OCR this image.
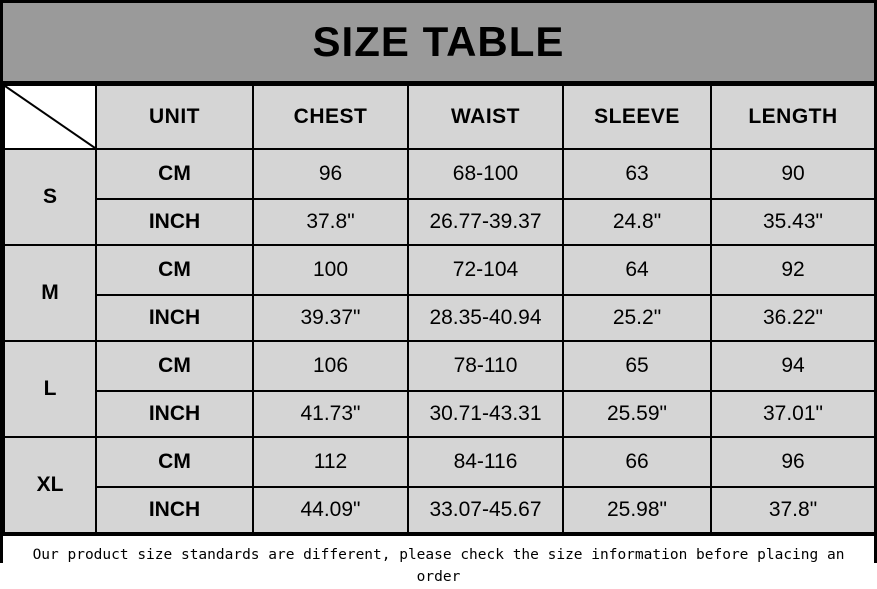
SIZE TABLE
	UNIT	CHEST	WAIST	SLEEVE	LENGTH
S	CM	96	68-100	63	90
	INCH	37.8"	26.77-39.37	24.8"	35.43"
M	CM	100	72-104	64	92
	INCH	39.37"	28.35-40.94	25.2"	36.22"
L	CM	106	78-110	65	94
	INCH	41.73"	30.71-43.31	25.59"	37.01"
XL	CM	112	84-116	66	96
	INCH	44.09"	33.07-45.67	25.98"	37.8"
Our product size standards are different, please check the size information before placing an order
